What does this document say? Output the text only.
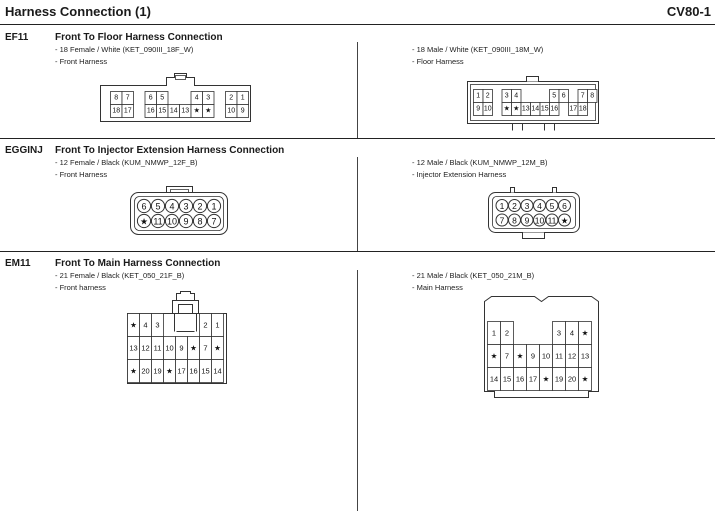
Harness Connection (1)	CV80-1
EF11	Front To Floor Harness Connection
- 18 Female / White (KET_090III_18F_W)
- Front Harness
- 18 Male / White (KET_090III_18M_W)
- Floor Harness
8 7	6 5	4 3	2 1
18 17 16 15 14 13 ★ ★ 10 9
1 2 3 4	5 6 7 8
9 10 ★ ★ 13 14 15 16 17 18
EGGINJ Front To Injector Extension Harness Connection
- 12 Female / Black (KUM_NMWP_12F_B)
- Front Harness
- 12 Male / Black (KUM_NMWP_12M_B)
- Injector Extension Harness
6 5 4 3 2 1
★ 11 10 9 8 7
1 2 3 4 5 6
7 8 9 10 11 ★
EM11 Front To Main Harness Connection
- 21 Female / Black (KET_050_21F_B)
- Front harness
- 21 Male / Black (KET_050_21M_B)
- Main Harness
★ 4 3	2 1
13 12 11 10 9 ★ 7 ★
★ 20 19 ★ 17 16 15 14
1 2	3 4 ★
★ 7 ★ 9 10 11 12 13
14 15 16 17 ★ 19 20 ★
